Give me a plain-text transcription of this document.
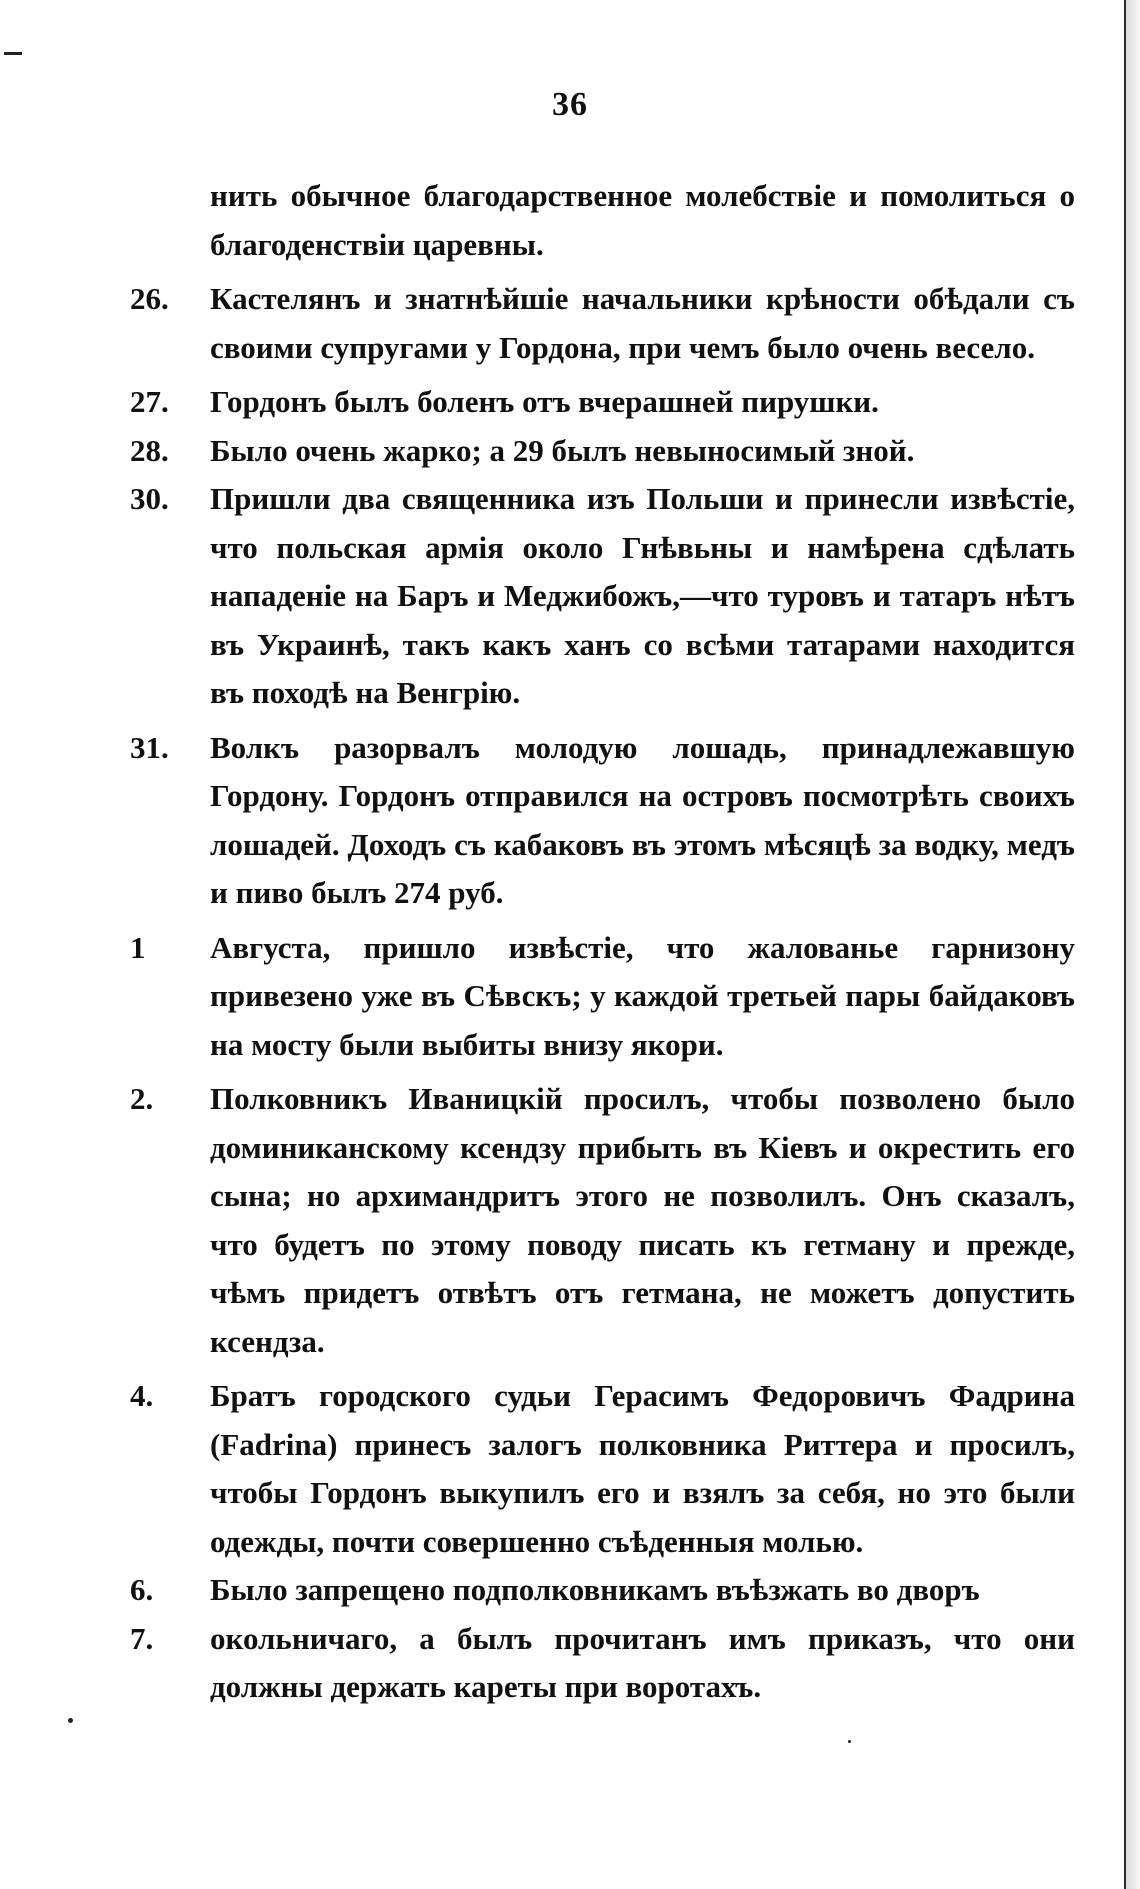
36

нить обычное благодарственное молебствіе и помолиться о благоденствіи царевны.

26.	Кастелянъ и знатнѣйшіе начальники крѣности обѣдали съ своими супругами у Гордона, при чемъ было очень весело.

27.	Гордонъ былъ боленъ отъ вчерашней пирушки.

28.	Было очень жарко; а 29 былъ невыносимый зной.

30.	Пришли два священника изъ Польши и принесли извѣстіе, что польская армія около Гнѣвьны и намѣрена сдѣлать нападеніе на Баръ и Меджибожъ,—что туровъ и татаръ нѣтъ въ Украинѣ, такъ какъ ханъ со всѣми татарами находится въ походѣ на Венгрію.

31.	Волкъ разорвалъ молодую лошадь, принадлежавшую Гордону. Гордонъ отправился на островъ посмотрѣть своихъ лошадей. Доходъ съ кабаковъ въ этомъ мѣсяцѣ за водку, медъ и пиво былъ 274 руб.

1	Августа, пришло извѣстіе, что жалованье гарнизону привезено уже въ Сѣвскъ; у каждой третьей пары байдаковъ на мосту были выбиты внизу якори.

2.	Полковникъ Иваницкій просилъ, чтобы позволено было доминиканскому ксендзу прибыть въ Кіевъ и окрестить его сына; но архимандритъ этого не позволилъ. Онъ сказалъ, что будетъ по этому поводу писать къ гетману и прежде, чѣмъ придетъ отвѣтъ отъ гетмана, не можетъ допустить ксендза.

4.	Братъ городского судьи Герасимъ Федоровичъ Фадрина (Fadrina) принесъ залогъ полковника Риттера и просилъ, чтобы Гордонъ выкупилъ его и взялъ за себя, но это были одежды, почти совершенно съѣденныя молью.

6.	Было запрещено подполковникамъ въѣзжать во дворъ

7.	окольничаго, а былъ прочитанъ имъ приказъ, что они должны держать кареты при воротахъ.
